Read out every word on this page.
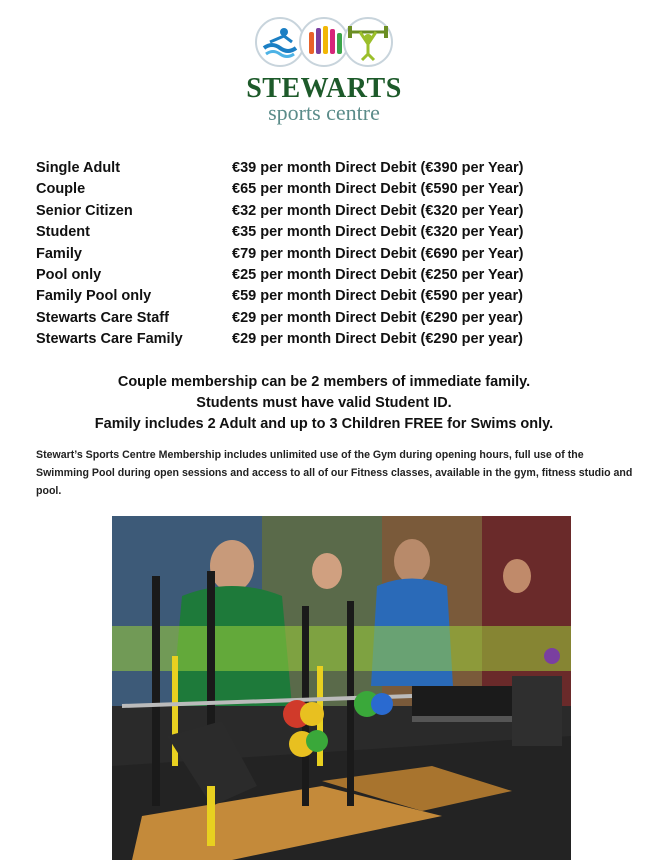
STEWARTS
sports centre
Single Adult	€39 per month Direct Debit (€390 per Year)
Couple	€65 per month Direct Debit (€590 per Year)
Senior Citizen	€32 per month Direct Debit (€320 per Year)
Student	€35 per month Direct Debit (€320 per Year)
Family	€79 per month Direct Debit (€690 per Year)
Pool only	€25 per month Direct Debit (€250 per Year)
Family Pool only	€59 per month Direct Debit (€590 per year)
Stewarts Care Staff	€29 per month Direct Debit (€290 per year)
Stewarts Care Family	€29 per month Direct Debit (€290 per year)
Couple membership can be 2 members of immediate family.
Students must have valid Student ID.
Family includes 2 Adult and up to 3 Children FREE for Swims only.
Stewart’s Sports Centre Membership includes unlimited use of the Gym during opening hours, full use of the Swimming Pool during open sessions and access to all of our Fitness classes, available in the gym, fitness studio and pool.
